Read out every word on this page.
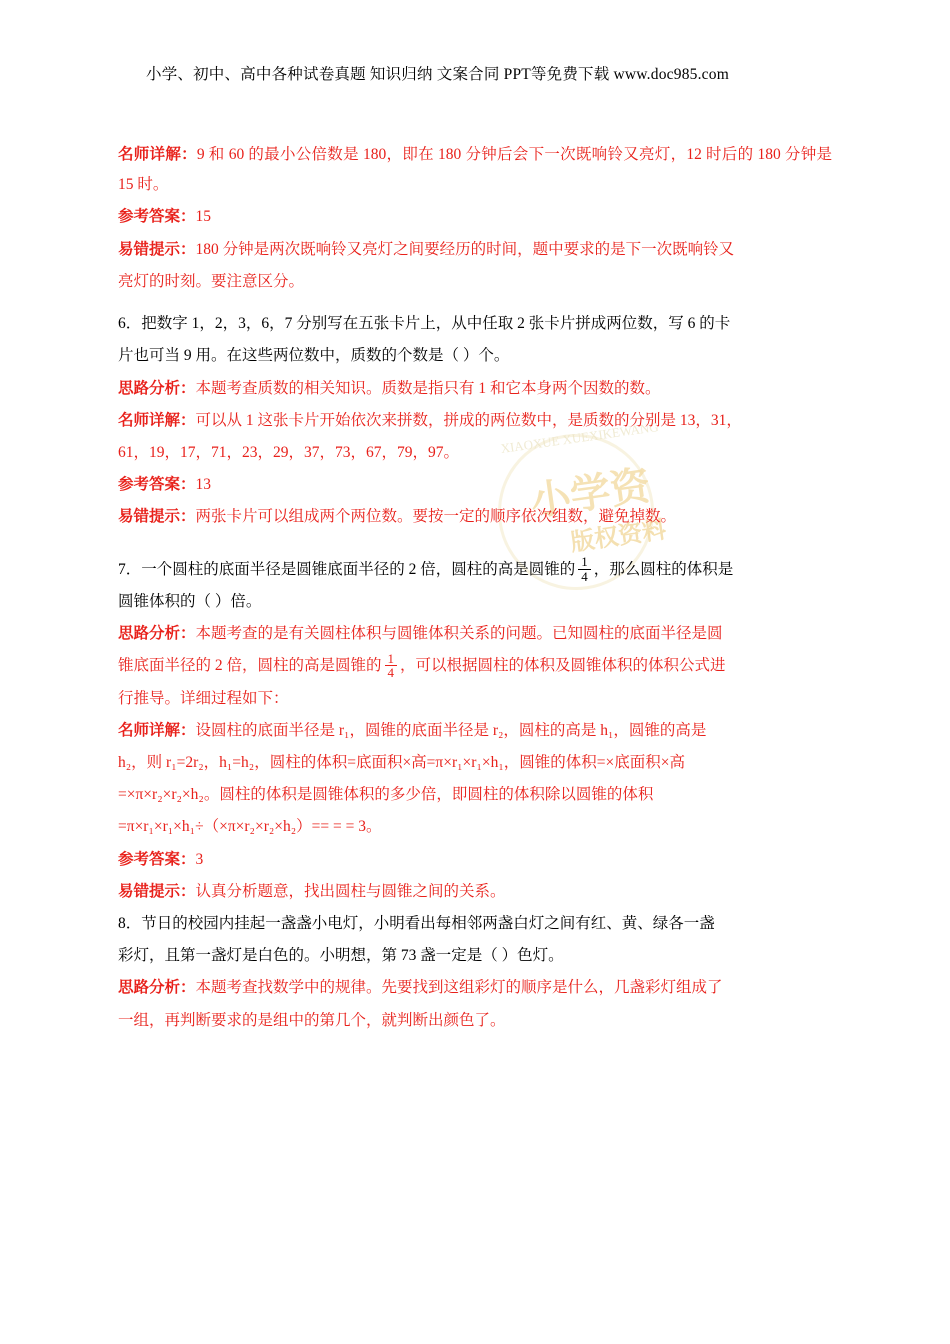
小学、初中、高中各种试卷真题 知识归纳 文案合同 PPT等免费下载 www.doc985.com
XIAOXUE XUEXIKEWANG
小学资
版权资料

名师详解：9 和 60 的最小公倍数是 180，即在 180 分钟后会下一次既响铃又亮灯，12 时后的 180 分钟是 15 时。

参考答案：15

易错提示：180 分钟是两次既响铃又亮灯之间要经历的时间，题中要求的是下一次既响铃又

亮灯的时刻。要注意区分。

6．把数字 1，2，3，6，7 分别写在五张卡片上，从中任取 2 张卡片拼成两位数，写 6 的卡

片也可当 9 用。在这些两位数中，质数的个数是（ ）个。

思路分析：本题考查质数的相关知识。质数是指只有 1 和它本身两个因数的数。

名师详解：可以从 1 这张卡片开始依次来拼数，拼成的两位数中，是质数的分别是 13，31，

61，19，17，71，23，29，37，73，67，79，97。

参考答案：13

易错提示：两张卡片可以组成两个两位数。要按一定的顺序依次组数，避免掉数。

7．一个圆柱的底面半径是圆锥底面半径的 2 倍，圆柱的高是圆锥的 $\frac{1}{4}$ ，那么圆柱的体积是

圆锥体积的（ ）倍。

思路分析：本题考查的是有关圆柱体积与圆锥体积关系的问题。已知圆柱的底面半径是圆

锥底面半径的 2 倍，圆柱的高是圆锥的 $\frac{1}{4}$ ，可以根据圆柱的体积及圆锥体积的体积公式进

行推导。详细过程如下：

名师详解：设圆柱的底面半径是 r₁，圆锥的底面半径是 r₂，圆柱的高是 h₁，圆锥的高是

h₂，则 r₁=2r₂，h₁=h₂，圆柱的体积=底面积×高=π×r₁×r₁×h₁，圆锥的体积=×底面积×高

=×π×r₂×r₂×h₂。圆柱的体积是圆锥体积的多少倍，即圆柱的体积除以圆锥的体积

=π×r₁×r₁×h₁÷（×π×r₂×r₂×h₂）== = = 3。

参考答案：3

易错提示：认真分析题意，找出圆柱与圆锥之间的关系。

8．节日的校园内挂起一盏盏小电灯，小明看出每相邻两盏白灯之间有红、黄、绿各一盏

彩灯，且第一盏灯是白色的。小明想，第 73 盏一定是（ ）色灯。

思路分析：本题考查找数学中的规律。先要找到这组彩灯的顺序是什么，几盏彩灯组成了

一组，再判断要求的是组中的第几个，就判断出颜色了。
